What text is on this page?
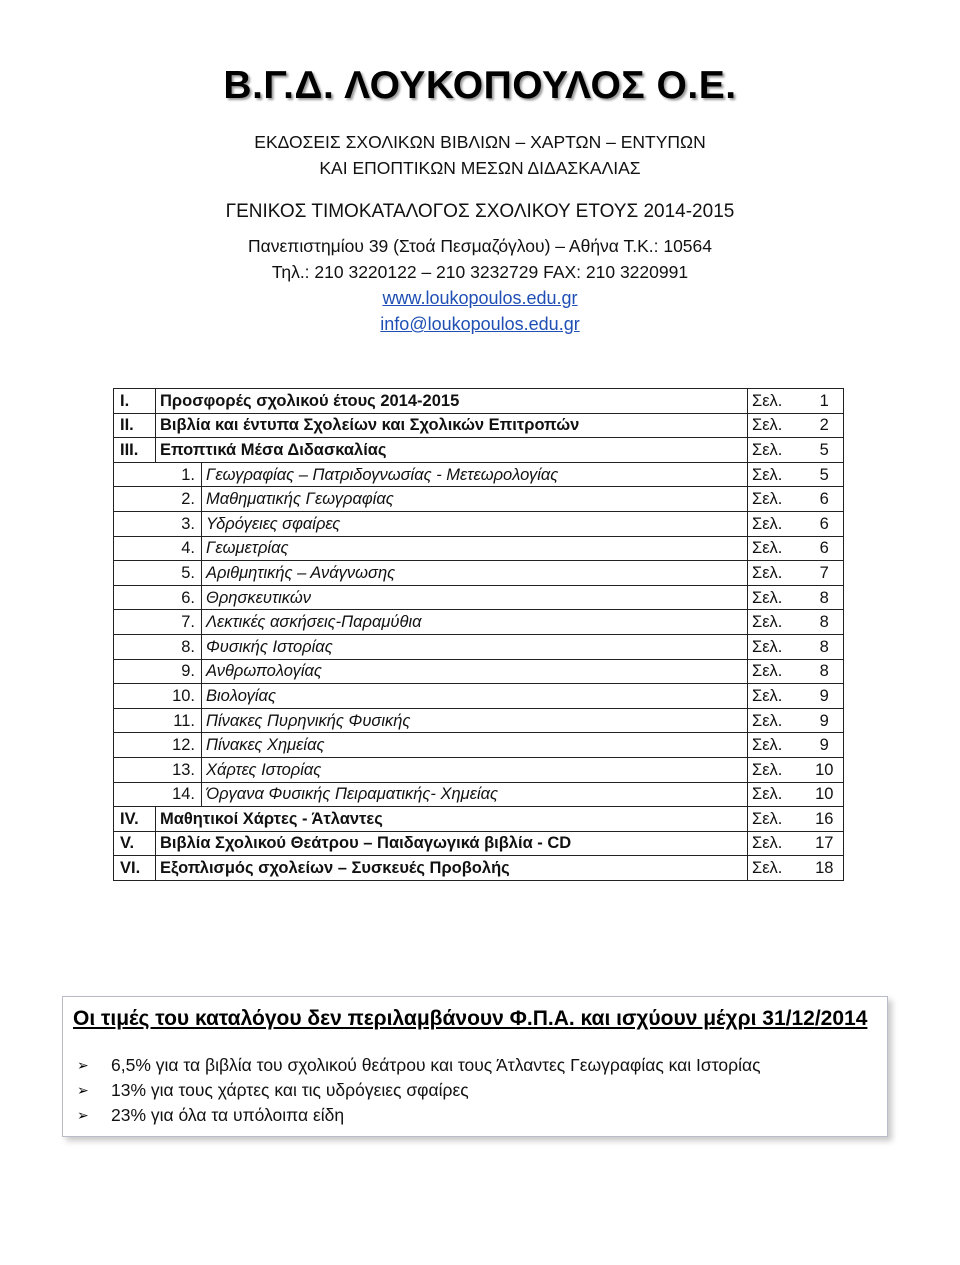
Β.Γ.Δ. ΛΟΥΚΟΠΟΥΛΟΣ Ο.Ε.
ΕΚΔΟΣΕΙΣ ΣΧΟΛΙΚΩΝ ΒΙΒΛΙΩΝ – ΧΑΡΤΩΝ – ΕΝΤΥΠΩΝ
ΚΑΙ ΕΠΟΠΤΙΚΩΝ ΜΕΣΩΝ ΔΙΔΑΣΚΑΛΙΑΣ
ΓΕΝΙΚΟΣ ΤΙΜΟΚΑΤΑΛΟΓΟΣ ΣΧΟΛΙΚΟΥ ΕΤΟΥΣ 2014-2015
Πανεπιστημίου 39 (Στοά Πεσμαζόγλου) – Αθήνα Τ.Κ.: 10564
Τηλ.: 210 3220122 – 210 3232729 FAX: 210 3220991
www.loukopoulos.edu.gr
info@loukopoulos.edu.gr
I.	Προσφορές σχολικού έτους 2014-2015		Σελ.	1
II.	Βιβλία και έντυπα Σχολείων και Σχολικών Επιτροπών		Σελ.	2
III.	Εποπτικά Μέσα Διδασκαλίας		Σελ.	5
1.		Γεωγραφίας – Πατριδογνωσίας - Μετεωρολογίας	Σελ.	5
2.		Μαθηματικής Γεωγραφίας	Σελ.	6
3.		Υδρόγειες σφαίρες	Σελ.	6
4.		Γεωμετρίας	Σελ.	6
5.		Αριθμητικής – Ανάγνωσης	Σελ.	7
6.		Θρησκευτικών	Σελ.	8
7.		Λεκτικές ασκήσεις-Παραμύθια	Σελ.	8
8.		Φυσικής Ιστορίας	Σελ.	8
9.		Ανθρωπολογίας	Σελ.	8
10.		Βιολογίας	Σελ.	9
11.		Πίνακες Πυρηνικής Φυσικής	Σελ.	9
12.		Πίνακες Χημείας	Σελ.	9
13.		Χάρτες Ιστορίας	Σελ.	10
14.		Όργανα Φυσικής Πειραματικής- Χημείας	Σελ.	10
IV.	Μαθητικοί Χάρτες - Άτλαντες		Σελ.	16
V.	Βιβλία Σχολικού Θεάτρου – Παιδαγωγικά βιβλία - CD		Σελ.	17
VI.	Εξοπλισμός σχολείων – Συσκευές Προβολής		Σελ.	18
Οι τιμές του καταλόγου δεν περιλαμβάνουν Φ.Π.Α. και ισχύουν μέχρι 31/12/2014
➢	6,5% για τα βιβλία του σχολικού θεάτρου και τους Άτλαντες Γεωγραφίας και Ιστορίας
➢	13% για τους χάρτες και τις υδρόγειες σφαίρες
➢	23% για όλα τα υπόλοιπα είδη
